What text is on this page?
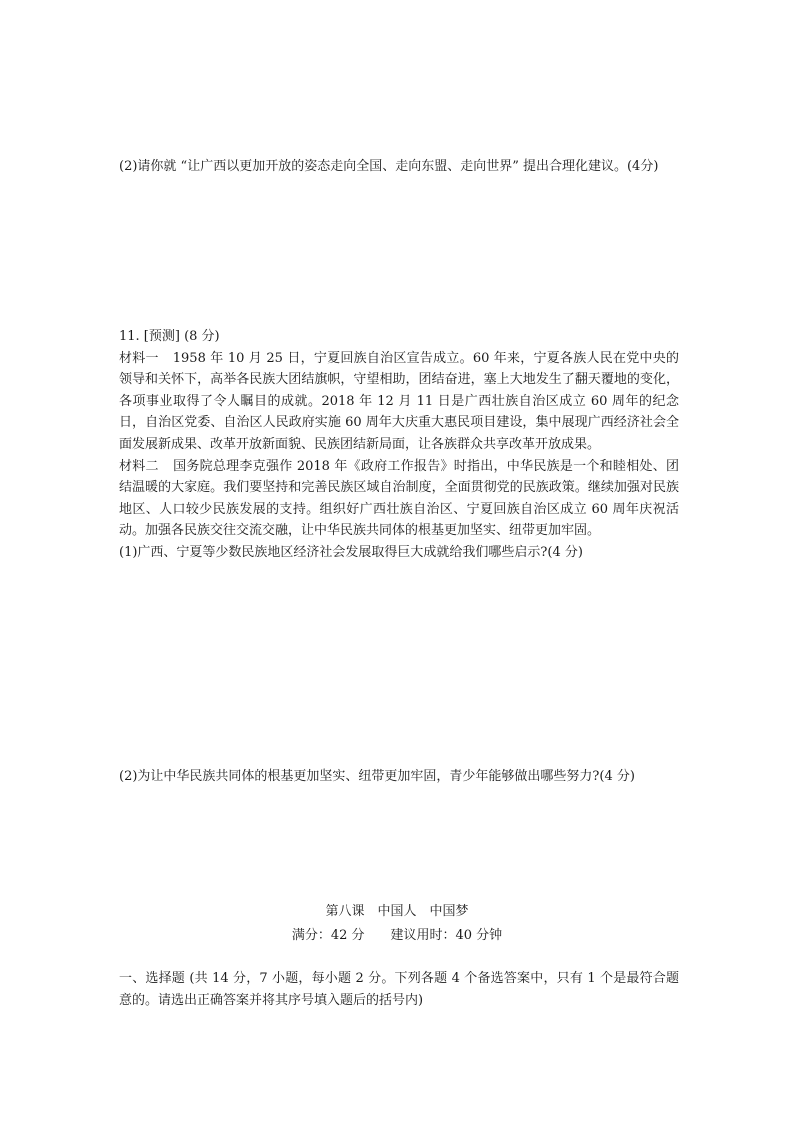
(2)请你就 “让广西以更加开放的姿态走向全国、走向东盟、走向世界” 提出合理化建议。(4分)
11. [预测] (8 分)
材料一 1958 年 10 月 25 日，宁夏回族自治区宣告成立。60 年来，宁夏各族人民在党中央的领导和关怀下，高举各民族大团结旗帜，守望相助，团结奋进，塞上大地发生了翻天覆地的变化，各项事业取得了令人瞩目的成就。2018 年 12 月 11 日是广西壮族自治区成立 60 周年的纪念日，自治区党委、自治区人民政府实施 60 周年大庆重大惠民项目建设，集中展现广西经济社会全面发展新成果、改革开放新面貌、民族团结新局面，让各族群众共享改革开放成果。
材料二 国务院总理李克强作 2018 年《政府工作报告》时指出，中华民族是一个和睦相处、团结温暖的大家庭。我们要坚持和完善民族区域自治制度，全面贯彻党的民族政策。继续加强对民族地区、人口较少民族发展的支持。组织好广西壮族自治区、宁夏回族自治区成立 60 周年庆祝活动。加强各民族交往交流交融，让中华民族共同体的根基更加坚实、纽带更加牢固。
(1)广西、宁夏等少数民族地区经济社会发展取得巨大成就给我们哪些启示?(4 分)
(2)为让中华民族共同体的根基更加坚实、纽带更加牢固，青少年能够做出哪些努力?(4 分)
第八课　中国人　中国梦
满分：42 分 建议用时：40 分钟
一、选择题 (共 14 分，7 小题，每小题 2 分。下列各题 4 个备选答案中，只有 1 个是最符合题意的。请选出正确答案并将其序号填入题后的括号内)
